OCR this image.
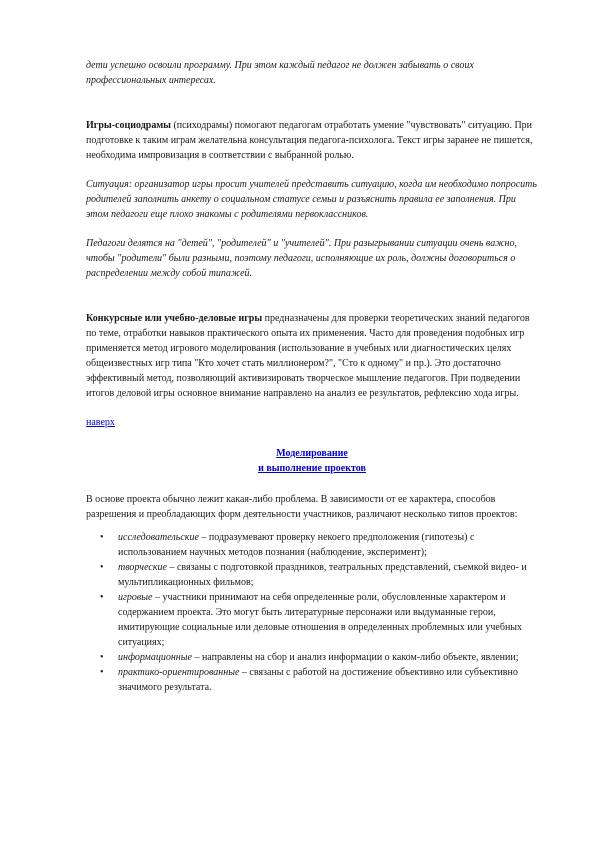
дети успешно освоили программу. При этом каждый педагог не должен забывать о своих профессиональных интересах.

Игры-социодрамы (психодрамы) помогают педагогам отработать умение "чувствовать" ситуацию. При подготовке к таким играм желательна консультация педагога-психолога. Текст игры заранее не пишется, необходима импровизация в соответствии с выбранной ролью.

Ситуация: организатор игры просит учителей представить ситуацию, когда им необходимо попросить родителей заполнить анкету о социальном статусе семьи и разъяснить правила ее заполнения. При этом педагоги еще плохо знакомы с родителями первоклассников.

Педагоги делятся на "детей", "родителей" и "учителей". При разыгрывании ситуации очень важно, чтобы "родители" были разными, поэтому педагоги, исполняющие их роль, должны договориться о распределении между собой типажей.

Конкурсные или учебно-деловые игры предназначены для проверки теоретических знаний педагогов по теме, отработки навыков практического опыта их применения. Часто для проведения подобных игр применяется метод игрового моделирования (использование в учебных или диагностических целях общеизвестных игр типа "Кто хочет стать миллионером?", "Сто к одному" и пр.). Это достаточно эффективный метод, позволяющий активизировать творческое мышление педагогов. При подведении итогов деловой игры основное внимание направлено на анализ ее результатов, рефлексию хода игры.

наверх

Моделирование

и выполнение проектов

В основе проекта обычно лежит какая-либо проблема. В зависимости от ее характера, способов разрешения и преобладающих форм деятельности участников, различают несколько типов проектов:

• исследовательские – подразумевают проверку некоего предположения (гипотезы) с использованием научных методов познания (наблюдение, эксперимент);
• творческие – связаны с подготовкой праздников, театральных представлений, съемкой видео- и мультипликационных фильмов;
• игровые – участники принимают на себя определенные роли, обусловленные характером и содержанием проекта. Это могут быть литературные персонажи или выдуманные герои, имитирующие социальные или деловые отношения в определенных проблемных или учебных ситуациях;
• информационные – направлены на сбор и анализ информации о каком-либо объекте, явлении;
• практико-ориентированные – связаны с работой на достижение объективно или субъективно значимого результата.
